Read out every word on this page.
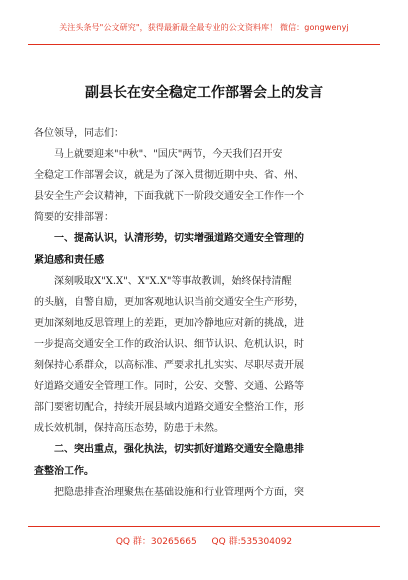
关注头条号"公文研究"，获得最新最全最专业的公文资料库！ 微信：gongwenyj
副县长在安全稳定工作部署会上的发言
各位领导，同志们：
马上就要迎来"中秋"、"国庆"两节，今天我们召开安
全稳定工作部署会议，就是为了深入贯彻近期中央、省、州、
县安全生产会议精神，下面我就下一阶段交通安全工作作一个
简要的安排部署：
一、提高认识，认清形势，切实增强道路交通安全管理的
紧迫感和责任感
深刻吸取X"X.X"、X"X.X"等事故教训，始终保持清醒
的头脑，自警自励，更加客观地认识当前交通安全生产形势，
更加深刻地反思管理上的差距，更加冷静地应对新的挑战，进
一步提高交通安全工作的政治认识、细节认识、危机认识，时
刻保持心系群众，以高标准、严要求扎扎实实、尽职尽责开展
好道路交通安全管理工作。同时，公安、交警、交通、公路等
部门要密切配合，持续开展县域内道路交通安全整治工作，形
成长效机制，保持高压态势，防患于未然。
二、突出重点，强化执法，切实抓好道路交通安全隐患排
查整治工作。
把隐患排查治理聚焦在基础设施和行业管理两个方面，突
QQ 群：30265665 QQ 群:535304092
